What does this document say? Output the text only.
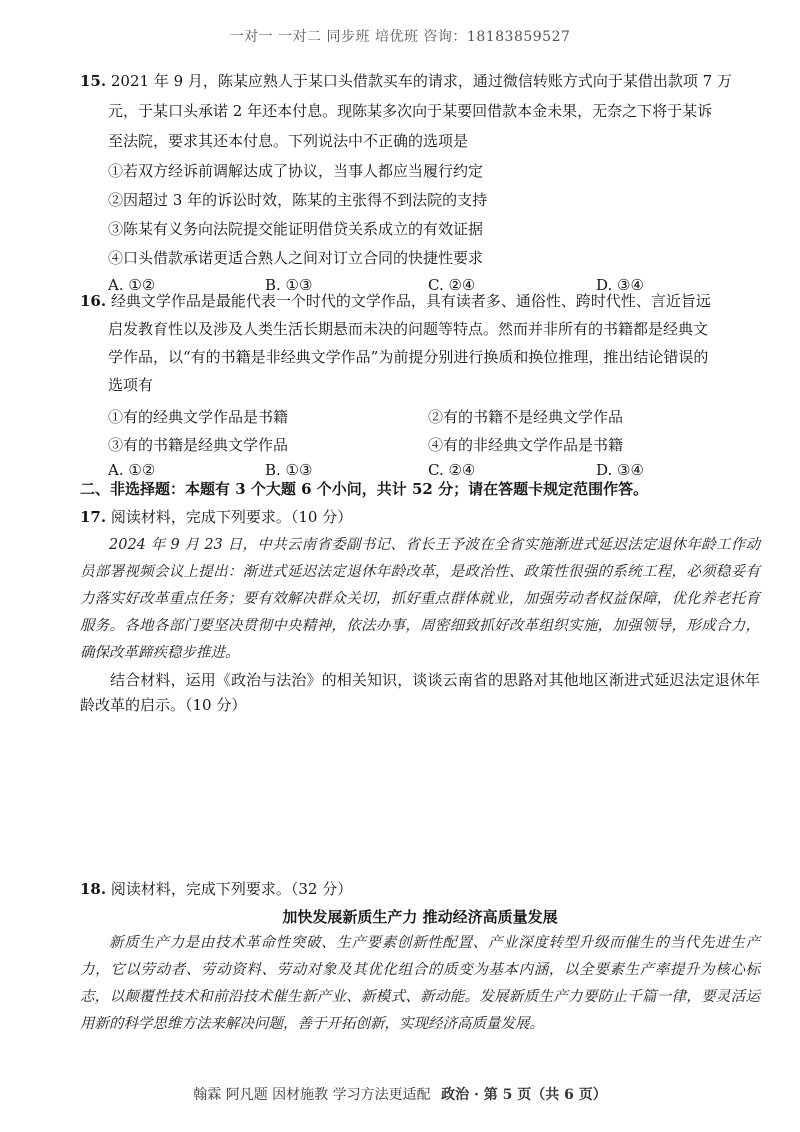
一对一 一对二 同步班 培优班 咨询：18183859527
15. 2021 年 9 月，陈某应熟人于某口头借款买车的请求，通过微信转账方式向于某借出款项 7 万
元，于某口头承诺 2 年还本付息。现陈某多次向于某要回借款本金未果，无奈之下将于某诉
至法院，要求其还本付息。下列说法中不正确的选项是
①若双方经诉前调解达成了协议，当事人都应当履行约定
②因超过 3 年的诉讼时效，陈某的主张得不到法院的支持
③陈某有义务向法院提交能证明借贷关系成立的有效证据
④口头借款承诺更适合熟人之间对订立合同的快捷性要求
A. ①②	B. ①③	C. ②④	D. ③④
16. 经典文学作品是最能代表一个时代的文学作品，具有读者多、通俗性、跨时代性、言近旨远
启发教育性以及涉及人类生活长期悬而未决的问题等特点。然而并非所有的书籍都是经典文
学作品，以“有的书籍是非经典文学作品”为前提分别进行换质和换位推理，推出结论错误的
选项有
①有的经典文学作品是书籍	②有的书籍不是经典文学作品
③有的书籍是经典文学作品	④有的非经典文学作品是书籍
A. ①②	B. ①③	C. ②④	D. ③④
二、非选择题：本题有 3 个大题 6 个小问，共计 52 分；请在答题卡规定范围作答。
17. 阅读材料，完成下列要求。（10 分）

2024 年 9 月 23 日，中共云南省委副书记、省长王予波在全省实施渐进式延迟法定退休年龄工作动员部署视频会议上提出：渐进式延迟法定退休年龄改革，是政治性、政策性很强的系统工程，必须稳妥有力落实好改革重点任务；要有效解决群众关切，抓好重点群体就业，加强劳动者权益保障，优化养老托育服务。各地各部门要坚决贯彻中央精神，依法办事，周密细致抓好改革组织实施，加强领导，形成合力，确保改革蹄疾稳步推进。

结合材料，运用《政治与法治》的相关知识，谈谈云南省的思路对其他地区渐进式延迟法定退休年龄改革的启示。（10 分）

18. 阅读材料，完成下列要求。（32 分）
加快发展新质生产力 推动经济高质量发展

新质生产力是由技术革命性突破、生产要素创新性配置、产业深度转型升级而催生的当代先进生产力，它以劳动者、劳动资料、劳动对象及其优化组合的质变为基本内涵，以全要素生产率提升为核心标志，以颠覆性技术和前沿技术催生新产业、新模式、新动能。发展新质生产力要防止千篇一律，要灵活运用新的科学思维方法来解决问题，善于开拓创新，实现经济高质量发展。

翰霖 阿凡题 因材施教 学习方法更适配 政治 · 第 5 页（共 6 页）
